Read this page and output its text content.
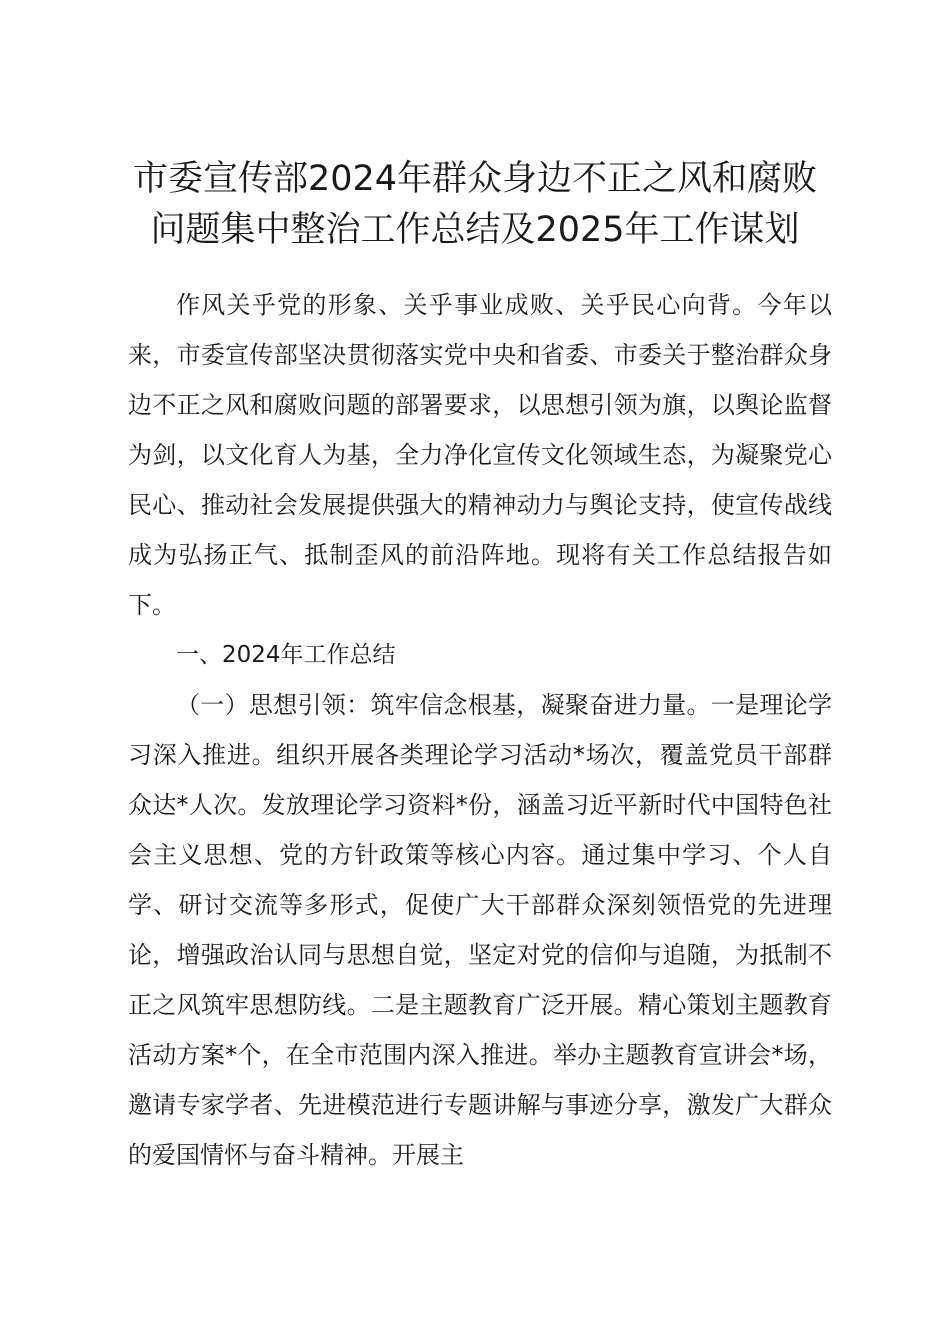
市委宣传部2024年群众身边不正之风和腐败
问题集中整治工作总结及2025年工作谋划

作风关乎党的形象、关乎事业成败、关乎民心向背。今年以来，市委宣传部坚决贯彻落实党中央和省委、市委关于整治群众身边不正之风和腐败问题的部署要求，以思想引领为旗，以舆论监督为剑，以文化育人为基，全力净化宣传文化领域生态，为凝聚党心民心、推动社会发展提供强大的精神动力与舆论支持，使宣传战线成为弘扬正气、抵制歪风的前沿阵地。现将有关工作总结报告如下。

一、2024年工作总结

（一）思想引领：筑牢信念根基，凝聚奋进力量。一是理论学习深入推进。组织开展各类理论学习活动*场次，覆盖党员干部群众达*人次。发放理论学习资料*份，涵盖习近平新时代中国特色社会主义思想、党的方针政策等核心内容。通过集中学习、个人自学、研讨交流等多形式，促使广大干部群众深刻领悟党的先进理论，增强政治认同与思想自觉，坚定对党的信仰与追随，为抵制不正之风筑牢思想防线。二是主题教育广泛开展。精心策划主题教育活动方案*个，在全市范围内深入推进。举办主题教育宣讲会*场，邀请专家学者、先进模范进行专题讲解与事迹分享，激发广大群众的爱国情怀与奋斗精神。开展主
